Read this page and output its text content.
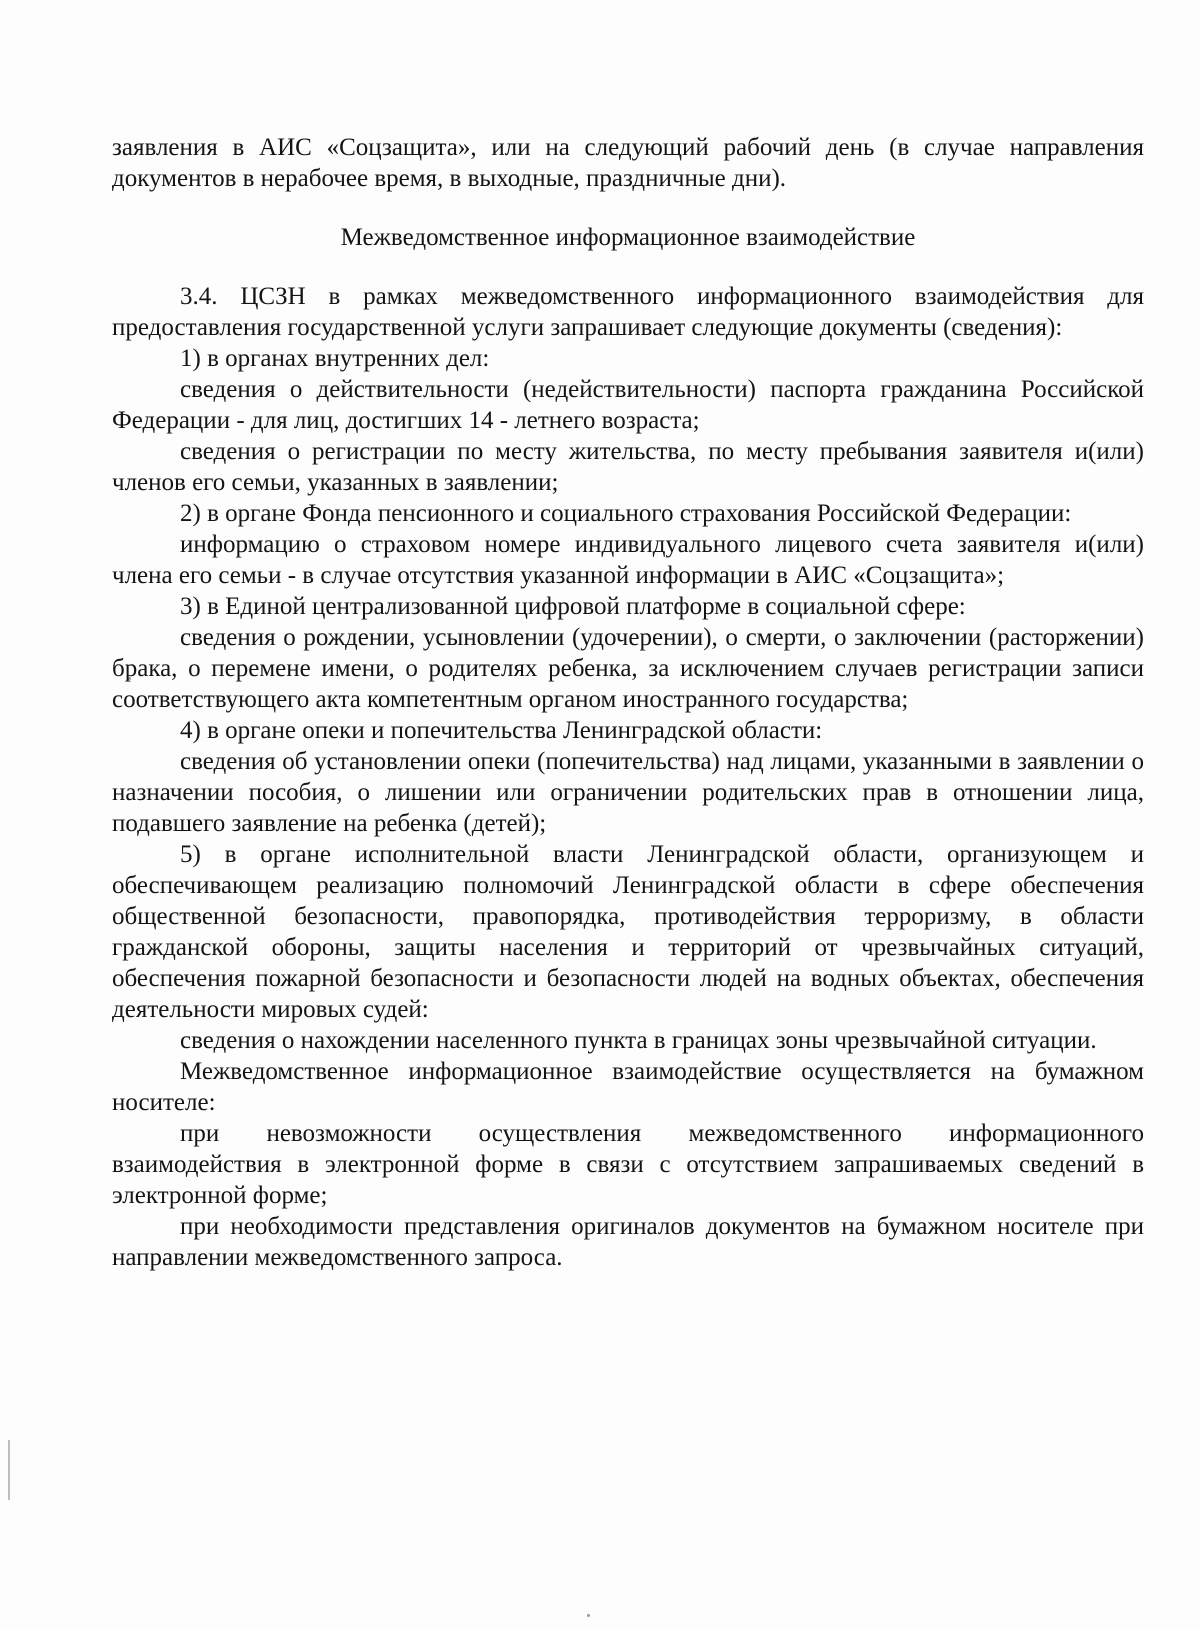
заявления в АИС «Соцзащита», или на следующий рабочий день (в случае направления документов в нерабочее время, в выходные, праздничные дни).

Межведомственное информационное взаимодействие

3.4. ЦСЗН в рамках межведомственного информационного взаимодействия для предоставления государственной услуги запрашивает следующие документы (сведения):

1) в органах внутренних дел:

сведения о действительности (недействительности) паспорта гражданина Российской Федерации - для лиц, достигших 14 - летнего возраста;

сведения о регистрации по месту жительства, по месту пребывания заявителя и(или) членов его семьи, указанных в заявлении;

2) в органе Фонда пенсионного и социального страхования Российской Федерации:

информацию о страховом номере индивидуального лицевого счета заявителя и(или) члена его семьи - в случае отсутствия указанной информации в АИС «Соцзащита»;

3) в Единой централизованной цифровой платформе в социальной сфере:

сведения о рождении, усыновлении (удочерении), о смерти, о заключении (расторжении) брака, о перемене имени, о родителях ребенка, за исключением случаев регистрации записи соответствующего акта компетентным органом иностранного государства;

4) в органе опеки и попечительства Ленинградской области:

сведения об установлении опеки (попечительства) над лицами, указанными в заявлении о назначении пособия, о лишении или ограничении родительских прав в отношении лица, подавшего заявление на ребенка (детей);

5) в органе исполнительной власти Ленинградской области, организующем и обеспечивающем реализацию полномочий Ленинградской области в сфере обеспечения общественной безопасности, правопорядка, противодействия терроризму, в области гражданской обороны, защиты населения и территорий от чрезвычайных ситуаций, обеспечения пожарной безопасности и безопасности людей на водных объектах, обеспечения деятельности мировых судей:

сведения о нахождении населенного пункта в границах зоны чрезвычайной ситуации.

Межведомственное информационное взаимодействие осуществляется на бумажном носителе:

при невозможности осуществления межведомственного информационного взаимодействия в электронной форме в связи с отсутствием запрашиваемых сведений в электронной форме;

при необходимости представления оригиналов документов на бумажном носителе при направлении межведомственного запроса.
